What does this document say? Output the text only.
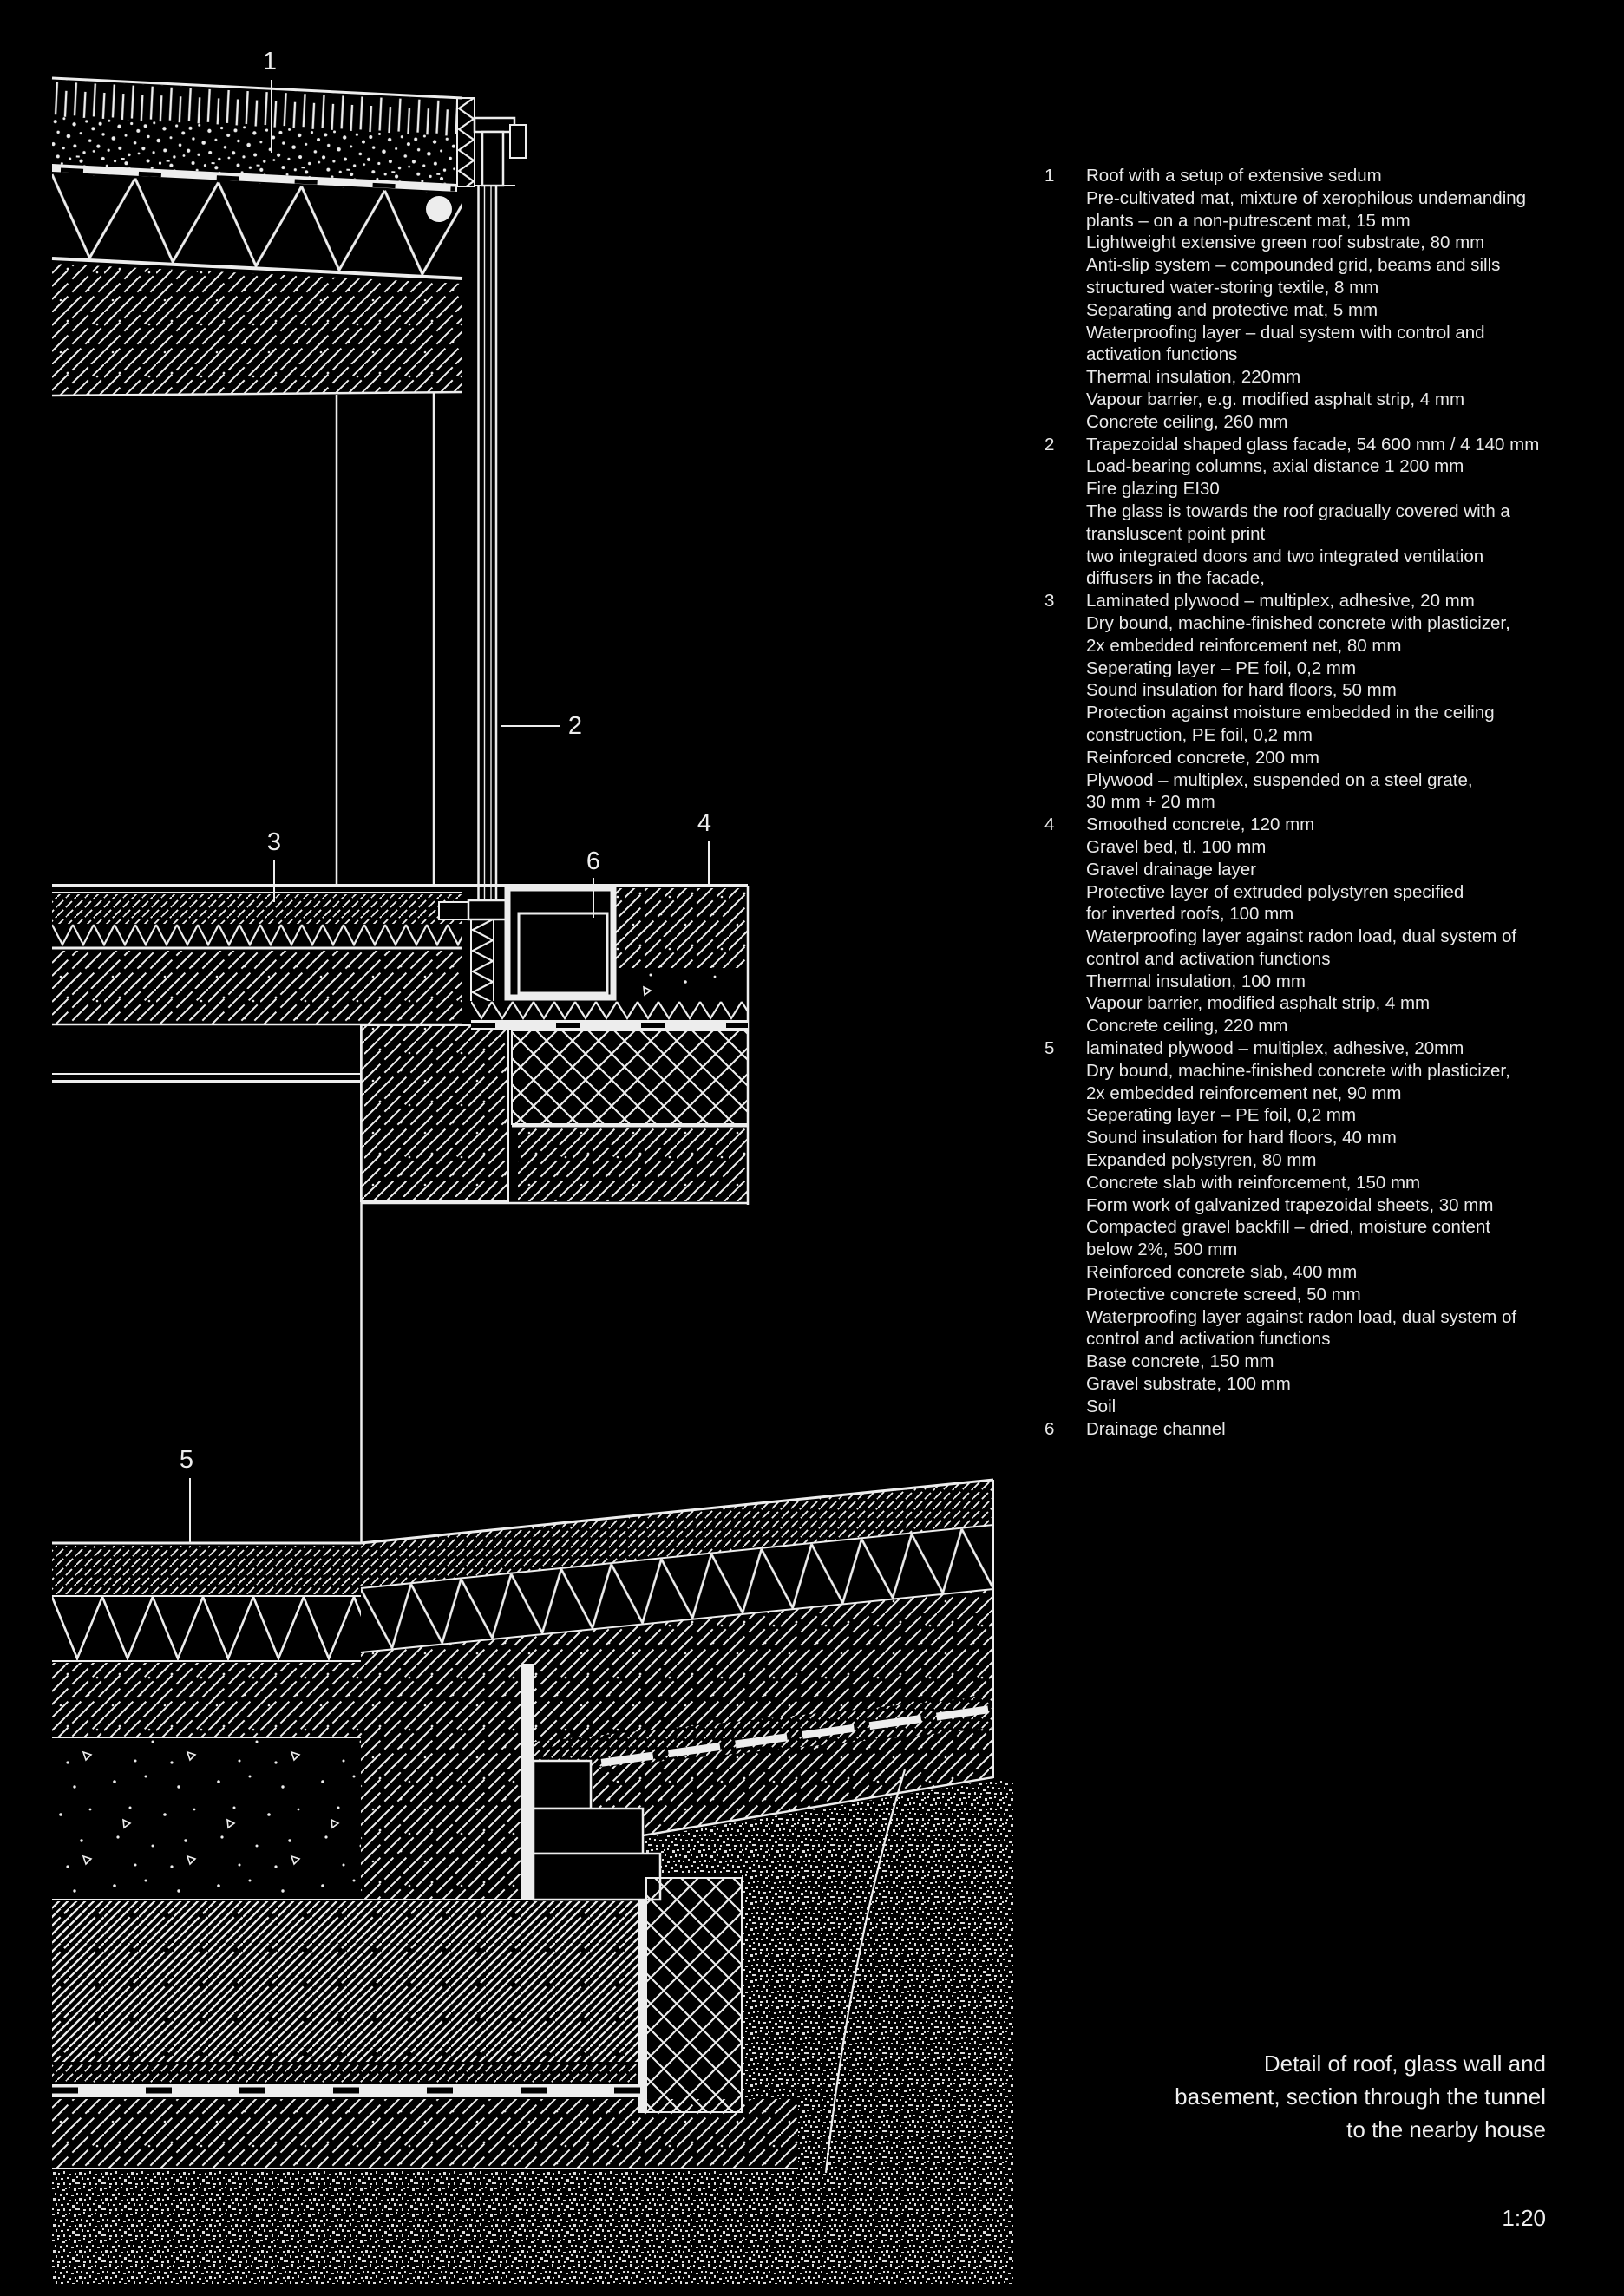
1
2
3
4
5
6
1	Roof with a setup of extensive sedum
Pre-cultivated mat, mixture of xerophilous undemanding
plants – on a non-putrescent mat, 15 mm
Lightweight extensive green roof substrate, 80 mm
Anti-slip system – compounded grid, beams and sills
structured water-storing textile, 8 mm
Separating and protective mat, 5 mm
Waterproofing layer – dual system with control and
activation functions
Thermal insulation, 220mm
Vapour barrier, e.g. modified asphalt strip, 4 mm
Concrete ceiling, 260 mm
2	Trapezoidal shaped glass facade, 54 600 mm / 4 140 mm
Load-bearing columns, axial distance 1 200 mm
Fire glazing EI30
The glass is towards the roof gradually covered with a
transluscent point print
two integrated doors and two integrated ventilation
diffusers in the facade,
3	Laminated plywood – multiplex, adhesive, 20 mm
Dry bound, machine-finished concrete with plasticizer,
2x embedded reinforcement net, 80 mm
Seperating layer – PE foil, 0,2 mm
Sound insulation for hard floors, 50 mm
Protection against moisture embedded in the ceiling
construction, PE foil, 0,2 mm
Reinforced concrete, 200 mm
Plywood – multiplex, suspended on a steel grate,
30 mm + 20 mm
4	Smoothed concrete, 120 mm
Gravel bed, tl. 100 mm
Gravel drainage layer
Protective layer of extruded polystyren specified
for inverted roofs, 100 mm
Waterproofing layer against radon load, dual system of
control and activation functions
Thermal insulation, 100 mm
Vapour barrier, modified asphalt strip, 4 mm
Concrete ceiling, 220 mm
5	laminated plywood – multiplex, adhesive, 20mm
Dry bound, machine-finished concrete with plasticizer,
2x embedded reinforcement net, 90 mm
Seperating layer – PE foil, 0,2 mm
Sound insulation for hard floors, 40 mm
Expanded polystyren, 80 mm
Concrete slab with reinforcement, 150 mm
Form work of galvanized trapezoidal sheets, 30 mm
Compacted gravel backfill – dried, moisture content
below 2%, 500 mm
Reinforced concrete slab, 400 mm
Protective concrete screed, 50 mm
Waterproofing layer against radon load, dual system of
control and activation functions
Base concrete, 150 mm
Gravel substrate, 100 mm
Soil
6	Drainage channel
Detail of roof, glass wall and
basement, section through the tunnel
to the nearby house
1:20
